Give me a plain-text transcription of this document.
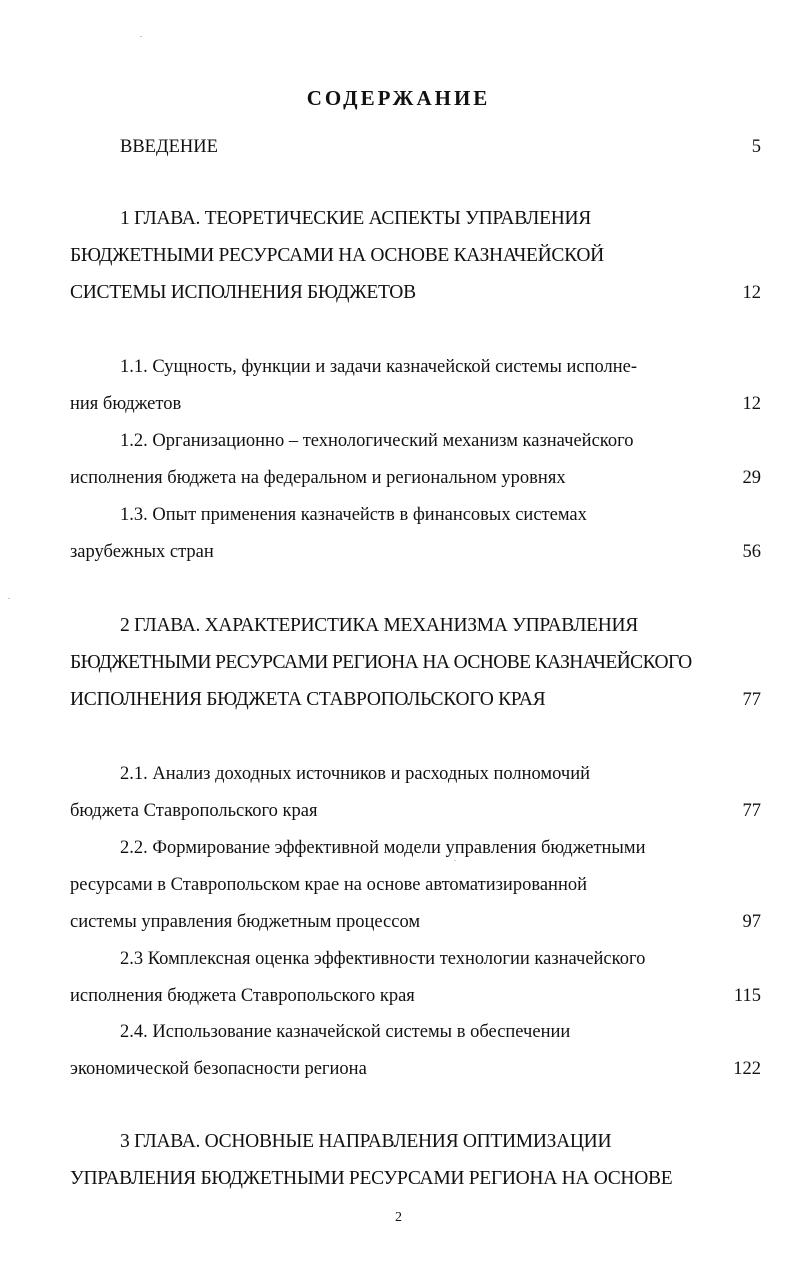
СОДЕРЖАНИЕ
ВВЕДЕНИЕ	5
1 ГЛАВА. ТЕОРЕТИЧЕСКИЕ АСПЕКТЫ УПРАВЛЕНИЯ
БЮДЖЕТНЫМИ РЕСУРСАМИ НА ОСНОВЕ КАЗНАЧЕЙСКОЙ
СИСТЕМЫ ИСПОЛНЕНИЯ БЮДЖЕТОВ	12
1.1. Сущность, функции и задачи казначейской системы исполне-
ния бюджетов	12
1.2. Организационно – технологический механизм казначейского
исполнения бюджета на федеральном и региональном уровнях	29
1.3. Опыт применения казначейств в финансовых системах
зарубежных стран	56
2 ГЛАВА. ХАРАКТЕРИСТИКА МЕХАНИЗМА УПРАВЛЕНИЯ
БЮДЖЕТНЫМИ РЕСУРСАМИ РЕГИОНА НА ОСНОВЕ КАЗНАЧЕЙСКОГО
ИСПОЛНЕНИЯ БЮДЖЕТА СТАВРОПОЛЬСКОГО КРАЯ	77
2.1. Анализ доходных источников и расходных полномочий
бюджета Ставропольского края	77
2.2. Формирование эффективной модели управления бюджетными
ресурсами в Ставропольском крае на основе автоматизированной
системы управления бюджетным процессом	97
2.3 Комплексная оценка эффективности технологии казначейского
исполнения бюджета Ставропольского края	115
2.4. Использование казначейской системы в обеспечении
экономической безопасности региона	122
3 ГЛАВА. ОСНОВНЫЕ НАПРАВЛЕНИЯ ОПТИМИЗАЦИИ
УПРАВЛЕНИЯ БЮДЖЕТНЫМИ РЕСУРСАМИ РЕГИОНА НА ОСНОВЕ
2
